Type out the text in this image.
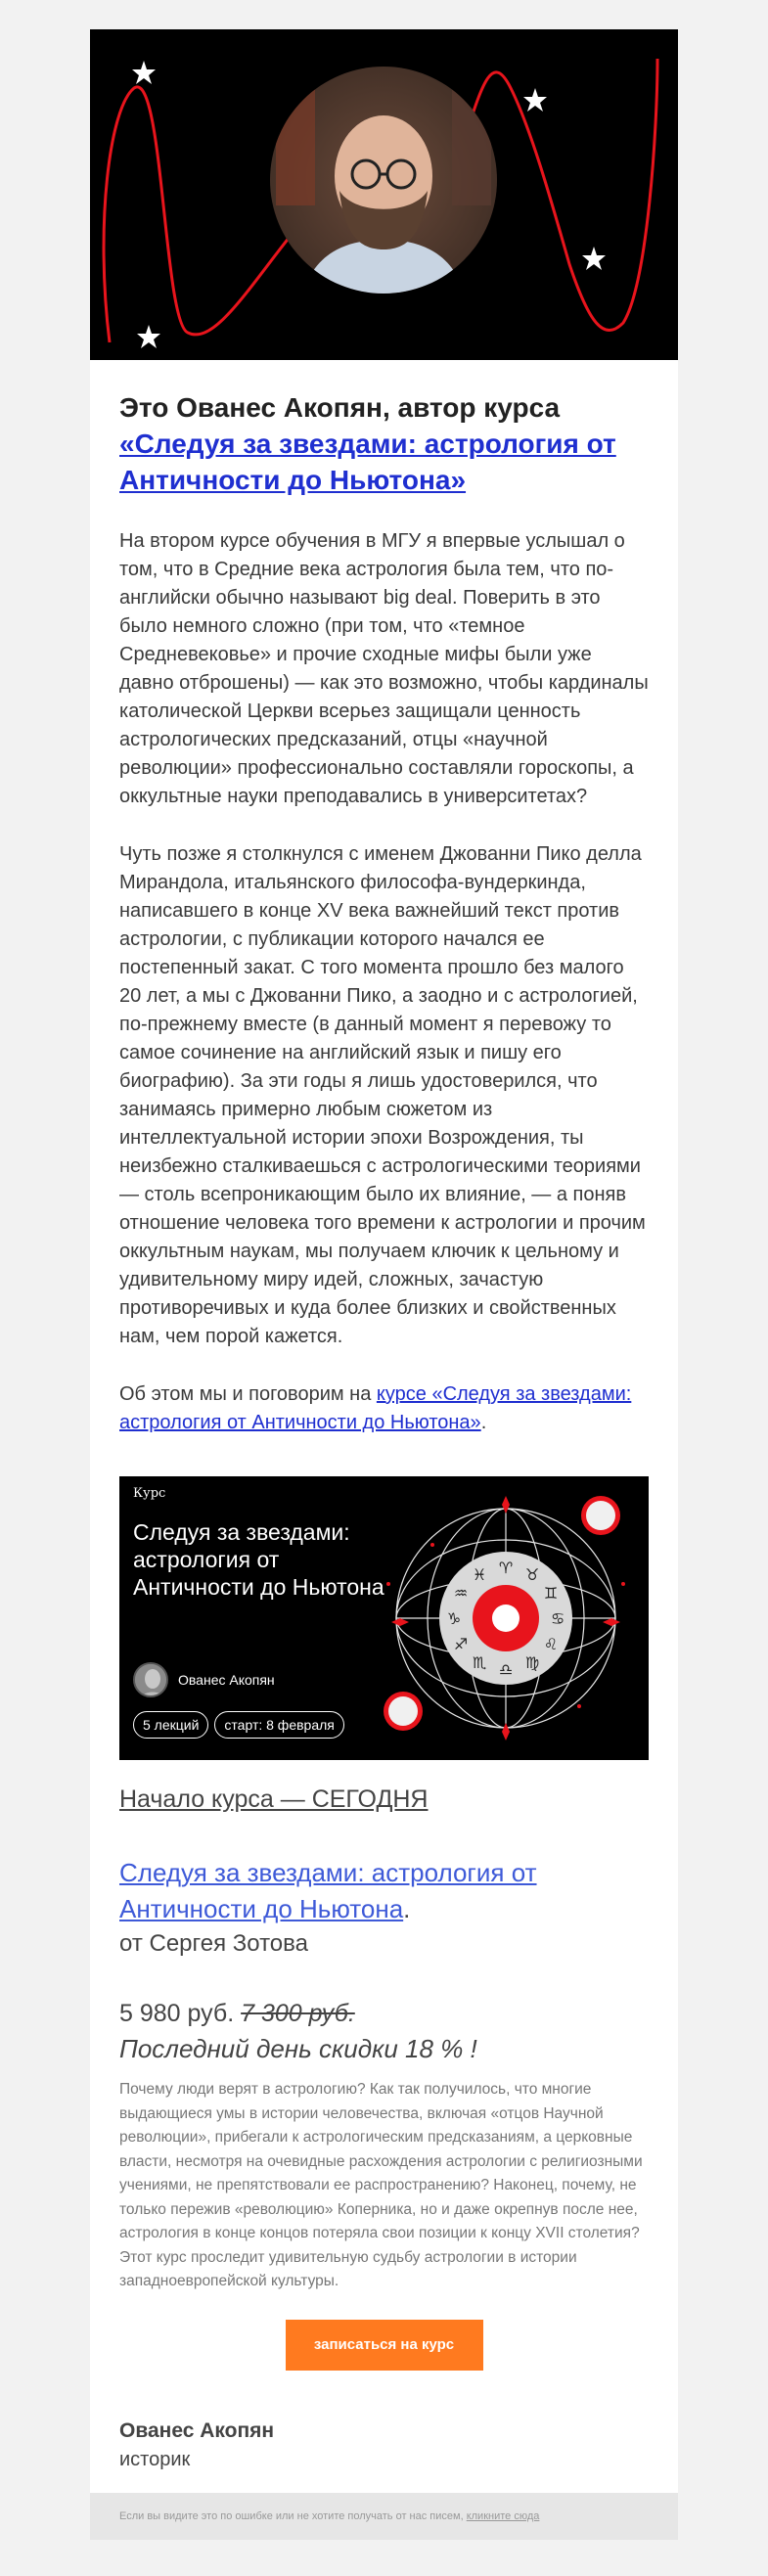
Это Ованес Акопян, автор курса «Следуя за звездами: астрология от Античности до Ньютона»

На втором курсе обучения в МГУ я впервые услышал о том, что в Средние века астрология была тем, что по-английски обычно называют big deal. Поверить в это было немного сложно (при том, что «темное Средневековье» и прочие сходные мифы были уже давно отброшены) — как это возможно, чтобы кардиналы католической Церкви всерьез защищали ценность астрологических предсказаний, отцы «научной революции» профессионально составляли гороскопы, а оккультные науки преподавались в университетах?

Чуть позже я столкнулся с именем Джованни Пико делла Мирандола, итальянского философа-вундеркинда, написавшего в конце XV века важнейший текст против астрологии, с публикации которого начался ее постепенный закат. С того момента прошло без малого 20 лет, а мы с Джованни Пико, а заодно и с астрологией, по-прежнему вместе (в данный момент я перевожу то самое сочинение на английский язык и пишу его биографию). За эти годы я лишь удостоверился, что занимаясь примерно любым сюжетом из интеллектуальной истории эпохи Возрождения, ты неизбежно сталкиваешься с астрологическими теориями — столь всепроникающим было их влияние, — а поняв отношение человека того времени к астрологии и прочим оккультным наукам, мы получаем ключик к цельному и удивительному миру идей, сложных, зачастую противоречивых и куда более близких и свойственных нам, чем порой кажется.

Об этом мы и поговорим на курсе «Следуя за звездами: астрология от Античности до Ньютона».

♈ ♉
♊
♋
♌
♍
♎
♏
♐
♑
♒
♓
Курс
Следуя за звездами: астрология от Античности до Ньютона
Ованес Акопян
5 лекций	старт: 8 февраля
Начало курса — СЕГОДНЯ
Следуя за звездами: астрология от Античности до Ньютона.
от Сергея Зотова
5 980 руб. 7 300 руб.
Последний день скидки 18 % !

Почему люди верят в астрологию? Как так получилось, что многие выдающиеся умы в истории человечества, включая «отцов Научной революции», прибегали к астрологическим предсказаниям, а церковные власти, несмотря на очевидные расхождения астрологии с религиозными учениями, не препятствовали ее распространению? Наконец, почему, не только пережив «революцию» Коперника, но и даже окрепнув после нее, астрология в конце концов потеряла свои позиции к концу XVII столетия? Этот курс проследит удивительную судьбу астрологии в истории западноевропейской культуры.

записаться на курс
Ованес Акопян
историк
Если вы видите это по ошибке или не хотите получать от нас писем, кликните сюда
